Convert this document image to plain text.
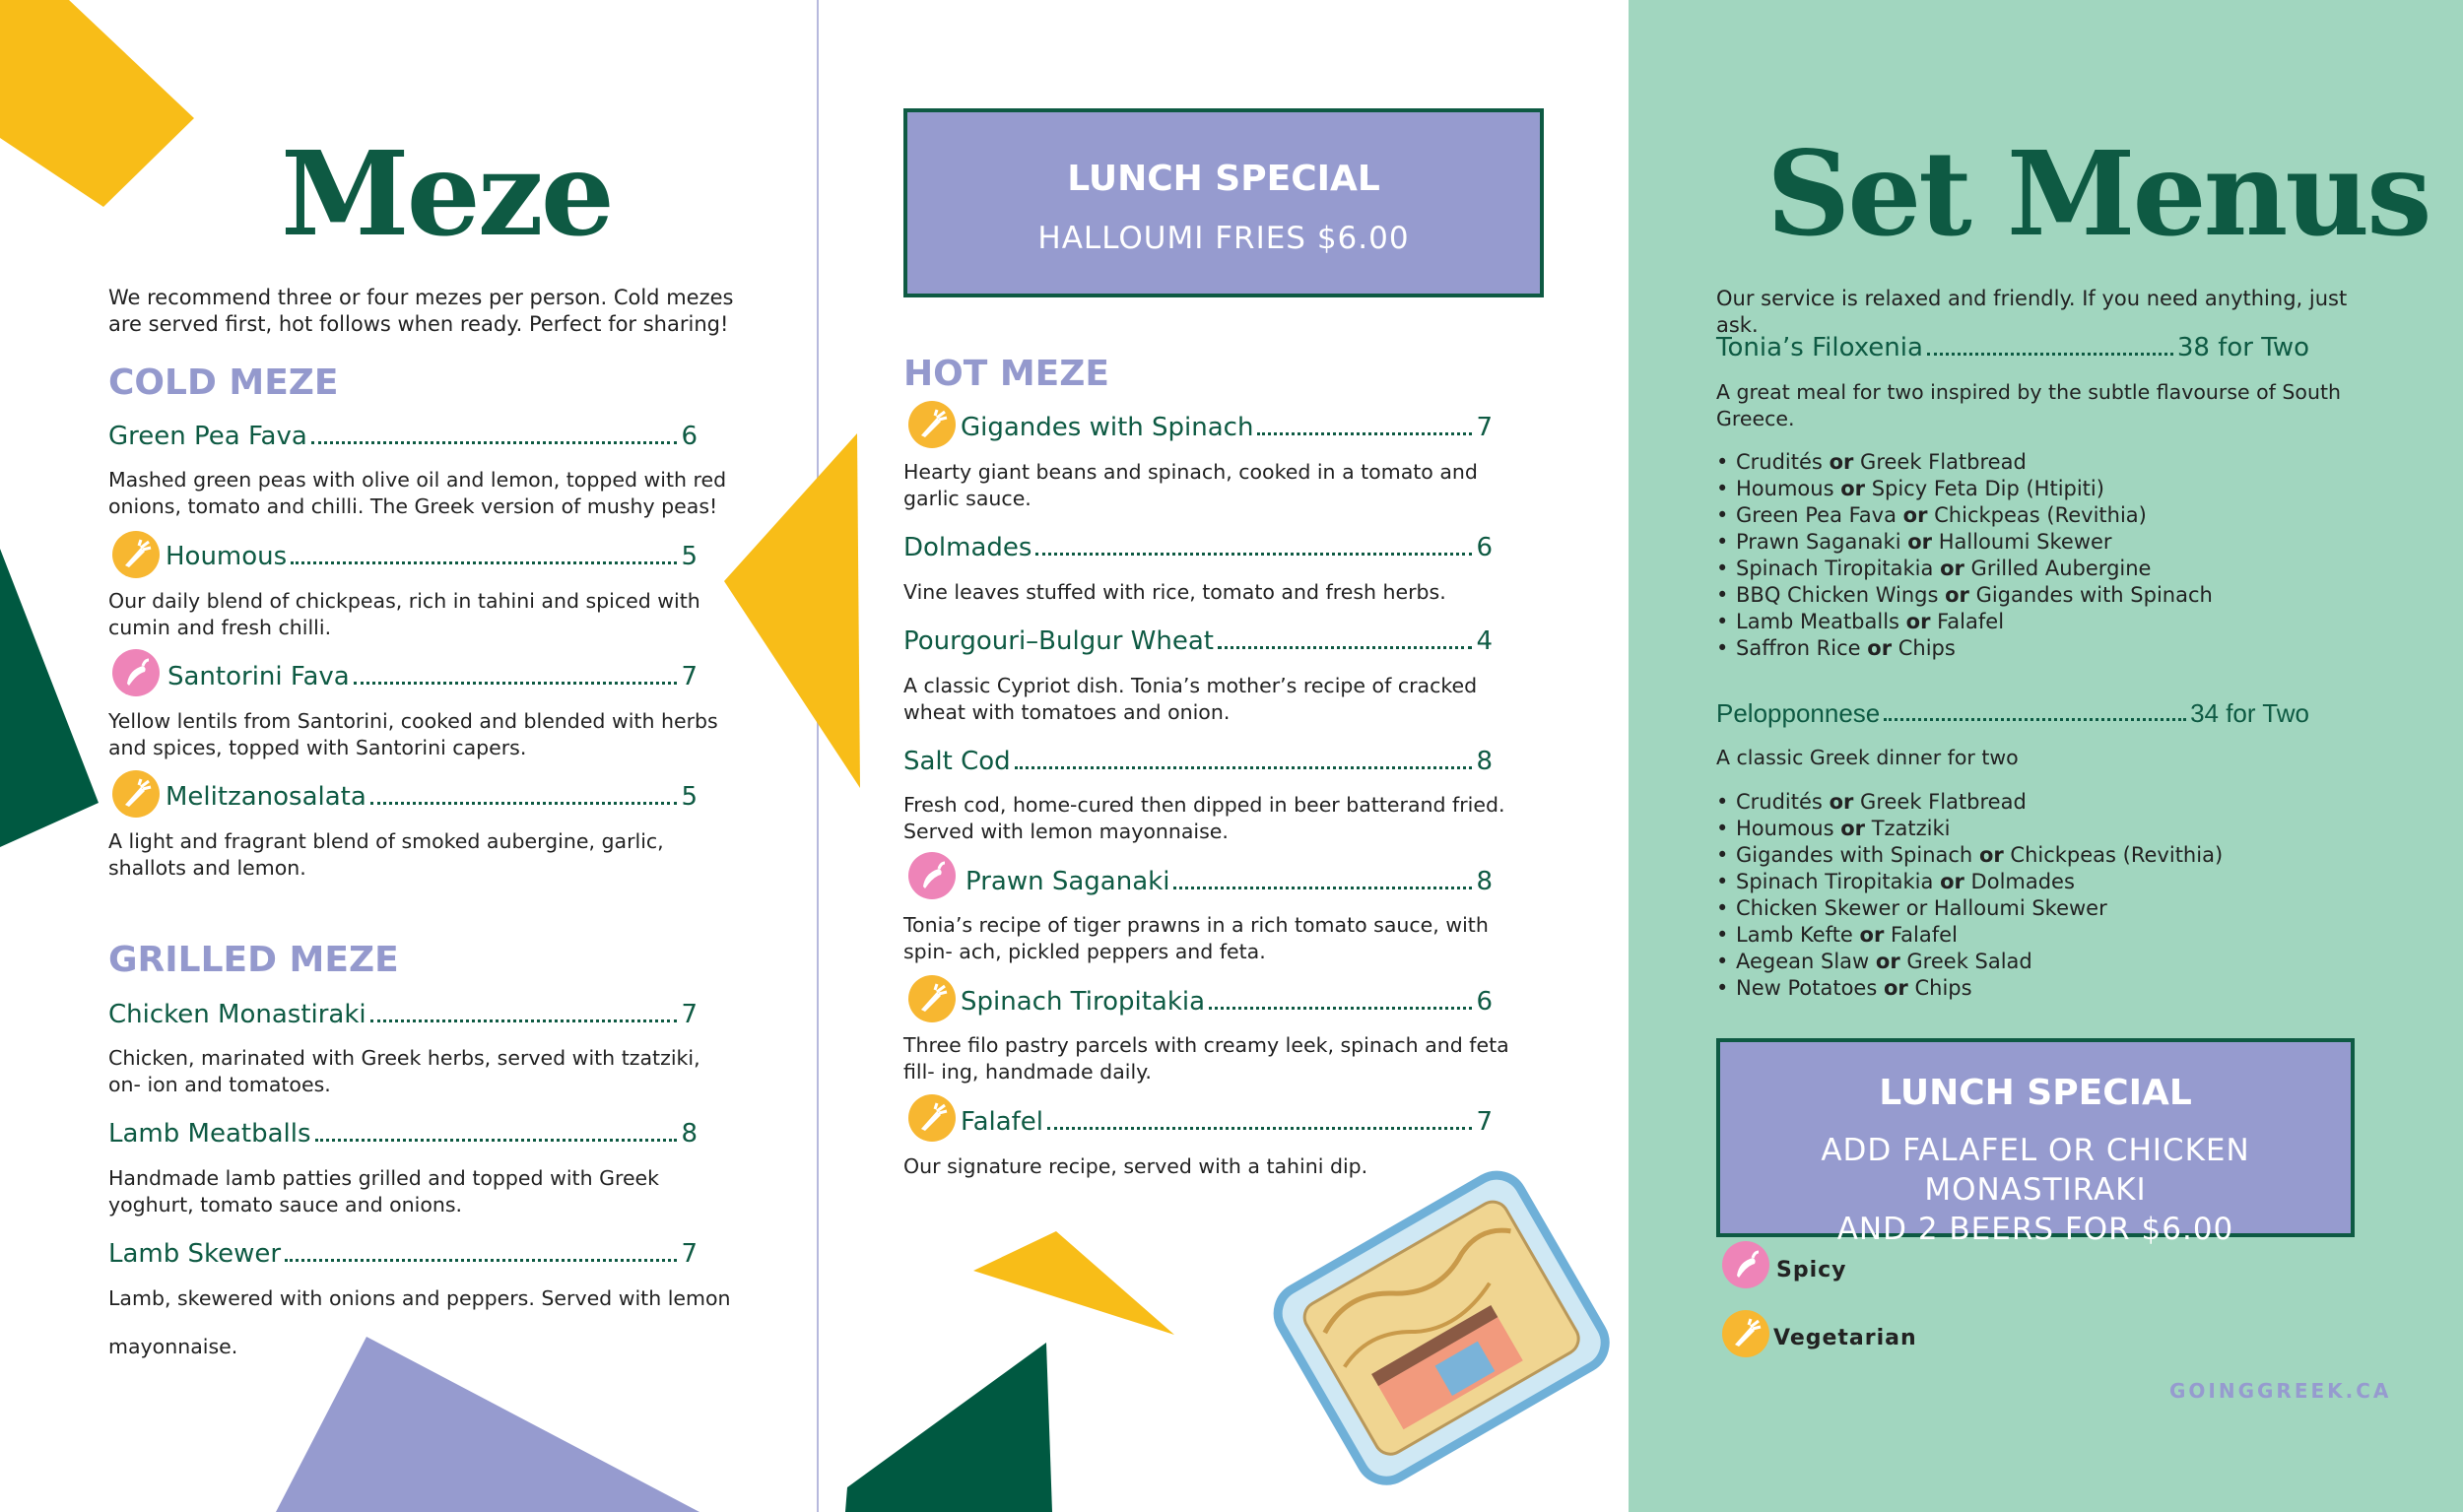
Meze
We recommend three or four mezes per person. Cold mezes are served first, hot follows when ready. Perfect for sharing!
COLD MEZE
Green Pea Fava	6
Mashed green peas with olive oil and lemon, topped with red onions, tomato and chilli. The Greek version of mushy peas!
Houmous	5
Our daily blend of chickpeas, rich in tahini and spiced with cumin and fresh chilli.
Santorini Fava	7
Yellow lentils from Santorini, cooked and blended with herbs and spices, topped with Santorini capers.
Melitzanosalata	5
A light and fragrant blend of smoked aubergine, garlic, shallots and lemon.
GRILLED MEZE
Chicken Monastiraki	7
Chicken, marinated with Greek herbs, served with tzatziki, on- ion and tomatoes.
Lamb Meatballs	8
Handmade lamb patties grilled and topped with Greek yoghurt, tomato sauce and onions.
Lamb Skewer	7
Lamb, skewered with onions and peppers. Served with lemon
mayonnaise.
LUNCH SPECIAL
HALLOUMI FRIES $6.00
HOT MEZE
Gigandes with Spinach	7
Hearty giant beans and spinach, cooked in a tomato and garlic sauce.
Dolmades	6
Vine leaves stuffed with rice, tomato and fresh herbs.
Pourgouri–Bulgur Wheat	4
A classic Cypriot dish. Tonia’s mother’s recipe of cracked wheat with tomatoes and onion.
Salt Cod	8
Fresh cod, home-cured then dipped in beer batterand fried. Served with lemon mayonnaise.
Prawn Saganaki	8
Tonia’s recipe of tiger prawns in a rich tomato sauce, with spin- ach, pickled peppers and feta.
Spinach Tiropitakia	6
Three filo pastry parcels with creamy leek, spinach and feta fill- ing, handmade daily.
Falafel	7
Our signature recipe, served with a tahini dip.
Set Menus
Our service is relaxed and friendly. If you need anything, just ask.
Tonia’s Filoxenia	38 for Two
A great meal for two inspired by the subtle flavourse of South Greece.
• Crudités or Greek Flatbread
• Houmous or Spicy Feta Dip (Htipiti)
• Green Pea Fava or Chickpeas (Revithia)
• Prawn Saganaki or Halloumi Skewer
• Spinach Tiropitakia or Grilled Aubergine
• BBQ Chicken Wings or Gigandes with Spinach
• Lamb Meatballs or Falafel
• Saffron Rice or Chips
Pelopponnese	34 for Two
A classic Greek dinner for two
• Crudités or Greek Flatbread
• Houmous or Tzatziki
• Gigandes with Spinach or Chickpeas (Revithia)
• Spinach Tiropitakia or Dolmades
• Chicken Skewer or Halloumi Skewer
• Lamb Kefte or Falafel
• Aegean Slaw or Greek Salad
• New Potatoes or Chips
LUNCH SPECIAL
ADD FALAFEL OR CHICKEN MONASTIRAKI
AND 2 BEERS FOR $6.00
Spicy
Vegetarian
GOINGGREEK.CA
